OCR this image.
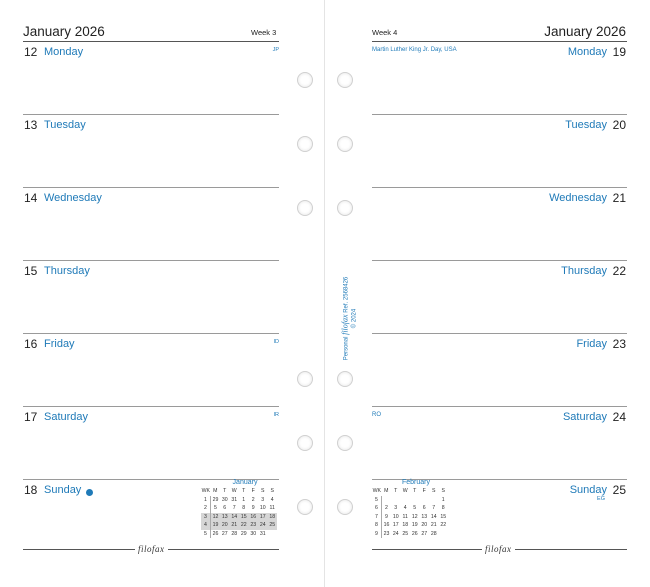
January 2026	Week 3
12 Monday	JP
13 Tuesday
14 Wednesday
15 Thursday
16 Friday	ID
17 Saturday	IR
18 Sunday
January
WK	M	T	W	T	F	S	S
1	29	30	31	1	2	3	4
2	5	6	7	8	9	10	11
3	12	13	14	15	16	17	18
4	19	20	21	22	23	24	25
5	26	27	28	29	30	31	
filofax
Week 4	January 2026
Martin Luther King Jr. Day, USA	Monday 19
Tuesday 20
Wednesday 21
Thursday 22
Friday 23
RO	Saturday 24
Sunday 25
EG
February
WK	M	T	W	T	F	S	S
5							1
6	2	3	4	5	6	7	8
7	9	10	11	12	13	14	15
8	16	17	18	19	20	21	22
9	23	24	25	26	27	28	
filofax
Personal filofax Ref. 2568426
© 2024
